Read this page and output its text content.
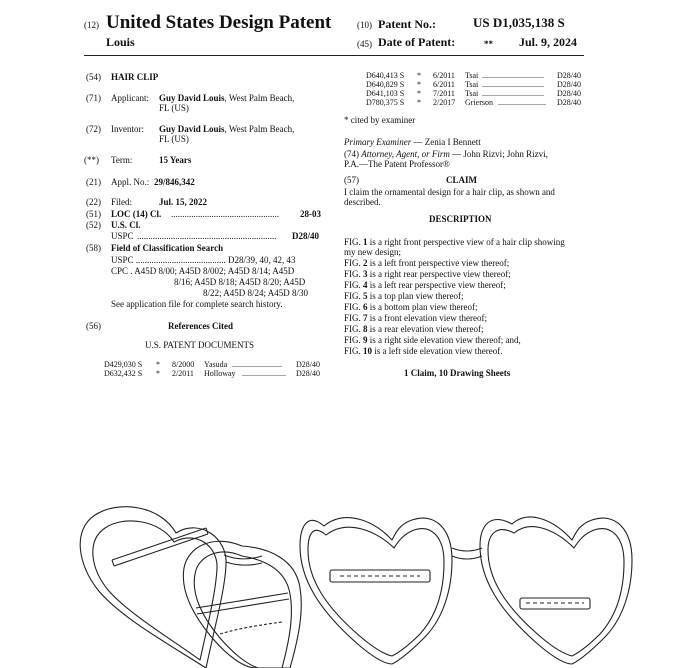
(12) United States Design Patent
Louis
(10) Patent No.:	US D1,035,138 S
(45) Date of Patent:	** Jul. 9, 2024
(54) HAIR CLIP
(71) Applicant: Guy David Louis, West Palm Beach,
FL (US)
(72) Inventor: Guy David Louis, West Palm Beach,
FL (US)
(**) Term:	15 Years
(21) Appl. No.: 29/846,342
(22) Filed:	Jul. 15, 2022
(51) LOC (14) Cl. ................................................	28-03
(52) U.S. Cl.
USPC ..............................................................	D28/40
(58) Field of Classification Search
USPC ........................................ D28/39, 40, 42, 43
CPC . A45D 8/00; A45D 8/002; A45D 8/14; A45D
8/16; A45D 8/18; A45D 8/20; A45D
8/22; A45D 8/24; A45D 8/30
See application file for complete search history.
(56)	References Cited
U.S. PATENT DOCUMENTS
D429,030 S * 8/2000 Yasuda .........................	D28/40
D632,432 S * 2/2011 Holloway ......................	D28/40
D640,413 S * 6/2011 Tsai ...............................	D28/40
D640,829 S * 6/2011 Tsai ...............................	D28/40
D641,103 S * 7/2011 Tsai ...............................	D28/40
D780,375 S * 2/2017 Grierson ........................	D28/40
* cited by examiner
Primary Examiner — Zenia I Bennett
(74) Attorney, Agent, or Firm — John Rizvi; John Rizvi,
P.A.—The Patent Professor®
(57)	CLAIM
I claim the ornamental design for a hair clip, as shown and
described.
DESCRIPTION
FIG. 1 is a right front perspective view of a hair clip showing
my new design;
FIG. 2 is a left front perspective view thereof;
FIG. 3 is a right rear perspective view thereof;
FIG. 4 is a left rear perspective view thereof;
FIG. 5 is a top plan view thereof;
FIG. 6 is a bottom plan view thereof;
FIG. 7 is a front elevation view thereof;
FIG. 8 is a rear elevation view thereof;
FIG. 9 is a right side elevation view thereof; and,
FIG. 10 is a left side elevation view thereof.
1 Claim, 10 Drawing Sheets
